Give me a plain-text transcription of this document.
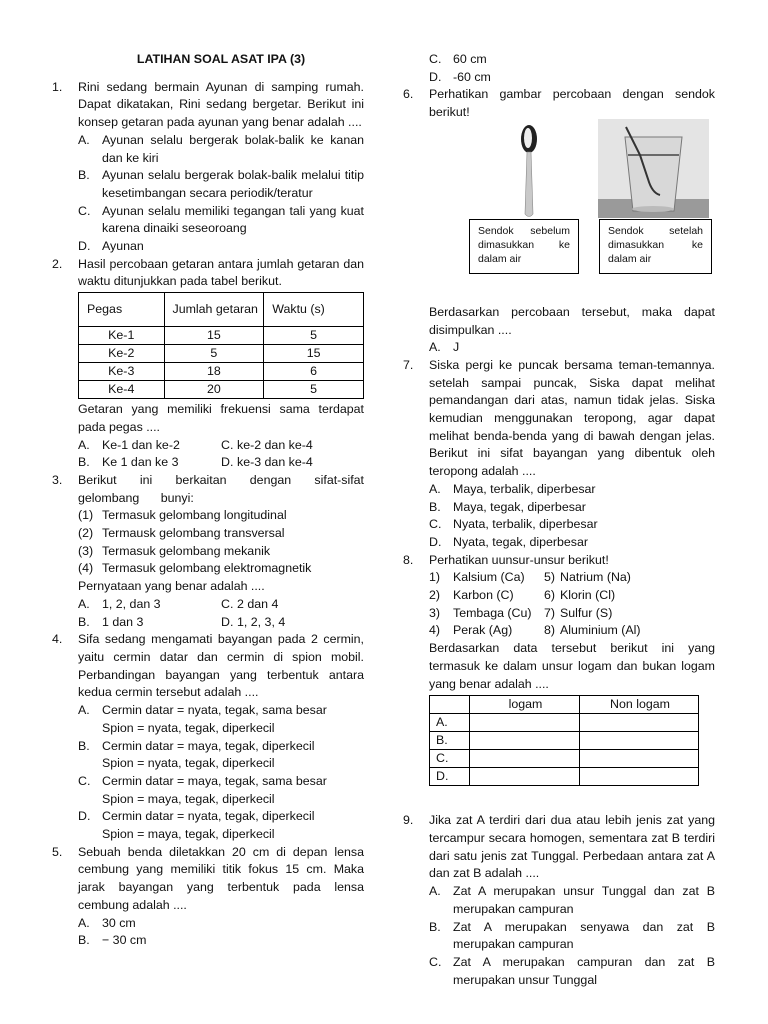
LATIHAN SOAL ASAT IPA (3)
1.	Rini sedang bermain Ayunan di samping rumah. Dapat dikatakan, Rini sedang bergetar. Berikut ini konsep getaran pada ayunan yang benar adalah ....
A. Ayunan selalu bergerak bolak-balik ke kanan dan ke kiri
B. Ayunan selalu bergerak bolak-balik melalui titip kesetimbangan secara periodik/teratur
C. Ayunan selalu memiliki tegangan tali yang kuat karena dinaiki seseoroang
D. Ayunan
2.	Hasil percobaan getaran antara jumlah getaran dan waktu ditunjukkan pada tabel berikut.
Pegas	Jumlah getaran	Waktu (s)
Ke-1	15	5
Ke-2	5	15
Ke-3	18	6
Ke-4	20	5
Getaran yang memiliki frekuensi sama terdapat pada pegas ....
A. Ke-1 dan ke-2	C. ke-2 dan ke-4
B. Ke 1 dan ke 3	D. ke-3 dan ke-4
3.	Berikut ini berkaitan dengan sifat-sifat gelombang bunyi:
(1) Termasuk gelombang longitudinal
(2) Termausk gelombang transversal
(3) Termasuk gelombang mekanik
(4) Termasuk gelombang elektromagnetik
Pernyataan yang benar adalah ....
A. 1, 2, dan 3	C. 2 dan 4
B. 1 dan 3	D. 1, 2, 3, 4
4.	Sifa sedang mengamati bayangan pada 2 cermin, yaitu cermin datar dan cermin di spion mobil. Perbandingan bayangan yang terbentuk antara kedua cermin tersebut adalah ....
A. Cermin datar = nyata, tegak, sama besar
Spion = nyata, tegak, diperkecil
B. Cermin datar = maya, tegak, diperkecil
Spion = nyata, tegak, diperkecil
C. Cermin datar = maya, tegak, sama besar
Spion = maya, tegak, diperkecil
D. Cermin datar = nyata, tegak, diperkecil
Spion = maya, tegak, diperkecil
5.	Sebuah benda diletakkan 20 cm di depan lensa cembung yang memiliki titik fokus 15 cm. Maka jarak bayangan yang terbentuk pada lensa cembung adalah ....
A. 30 cm
B. − 30 cm
C. 60 cm
D. -60 cm
6.	Perhatikan gambar percobaan dengan sendok berikut!
Sendok sebelum dimasukkan ke dalam air
Sendok setelah dimasukkan ke dalam air
Berdasarkan percobaan tersebut, maka dapat disimpulkan ....
A. J
7.	Siska pergi ke puncak bersama teman-temannya. setelah sampai puncak, Siska dapat melihat pemandangan dari atas, namun tidak jelas. Siska kemudian menggunakan teropong, agar dapat melihat benda-benda yang di bawah dengan jelas. Berikut ini sifat bayangan yang dibentuk oleh teropong adalah ....
A. Maya, terbalik, diperbesar
B. Maya, tegak, diperbesar
C. Nyata, terbalik, diperbesar
D. Nyata, tegak, diperbesar
8.	Perhatikan uunsur-unsur berikut!
1) Kalsium (Ca)	5) Natrium (Na)
2) Karbon (C)	6) Klorin (Cl)
3) Tembaga (Cu)	7) Sulfur (S)
4) Perak (Ag)	8) Aluminium (Al)
Berdasarkan data tersebut berikut ini yang termasuk ke dalam unsur logam dan bukan logam yang benar adalah ....
	logam	Non logam
A.		
B.		
C.		
D.		
9.	Jika zat A terdiri dari dua atau lebih jenis zat yang tercampur secara homogen, sementara zat B terdiri dari satu jenis zat Tunggal. Perbedaan antara zat A dan zat B adalah ....
A. Zat A merupakan unsur Tunggal dan zat B merupakan campuran
B. Zat A merupakan senyawa dan zat B merupakan campuran
C. Zat A merupakan campuran dan zat B merupakan unsur Tunggal
